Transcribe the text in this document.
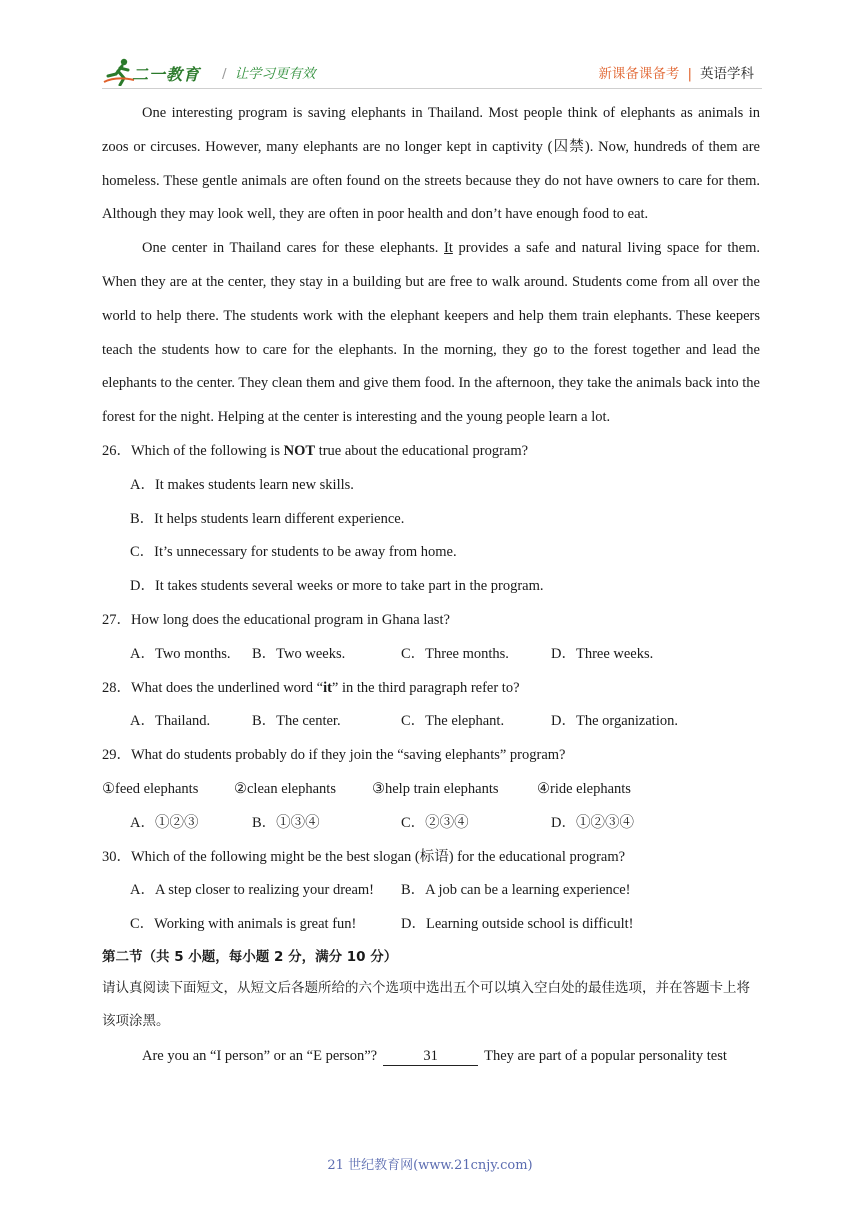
二一教育 / 让学习更有效	新课备课备考 | 英语学科

One interesting program is saving elephants in Thailand. Most people think of elephants as animals in zoos or circuses. However, many elephants are no longer kept in captivity (囚禁). Now, hundreds of them are homeless. These gentle animals are often found on the streets because they do not have owners to care for them. Although they may look well, they are often in poor health and don’t have enough food to eat.

One center in Thailand cares for these elephants. It provides a safe and natural living space for them. When they are at the center, they stay in a building but are free to walk around. Students come from all over the world to help there. The students work with the elephant keepers and help them train elephants. These keepers teach the students how to care for the elephants. In the morning, they go to the forest together and lead the elephants to the center. They clean them and give them food. In the afternoon, they take the animals back into the forest for the night. Helping at the center is interesting and the young people learn a lot.

26．Which of the following is NOT true about the educational program?
A．It makes students learn new skills.
B．It helps students learn different experience.
C．It’s unnecessary for students to be away from home.
D．It takes students several weeks or more to take part in the program.
27．How long does the educational program in Ghana last?
A．Two months. B．Two weeks.	C．Three months.	D．Three weeks.
28．What does the underlined word “it” in the third paragraph refer to?
A．Thailand.	B．The center.	C．The elephant.	D．The organization.
29．What do students probably do if they join the “saving elephants” program?
①feed elephants ②clean elephants ③help train elephants	④ride elephants
A．①②③	B．①③④	C．②③④	D．①②③④
30．Which of the following might be the best slogan (标语) for the educational program?
A．A step closer to realizing your dream! B．A job can be a learning experience!
C．Working with animals is great fun!	D．Learning outside school is difficult!
第二节（共 5 小题，每小题 2 分，满分 10 分）

请认真阅读下面短文，从短文后各题所给的六个选项中选出五个可以填入空白处的最佳选项，并在答题卡上将该项涂黑。

Are you an “I person” or an “E person”?	31	They are part of a popular personality test
21 世纪教育网(www.21cnjy.com)
